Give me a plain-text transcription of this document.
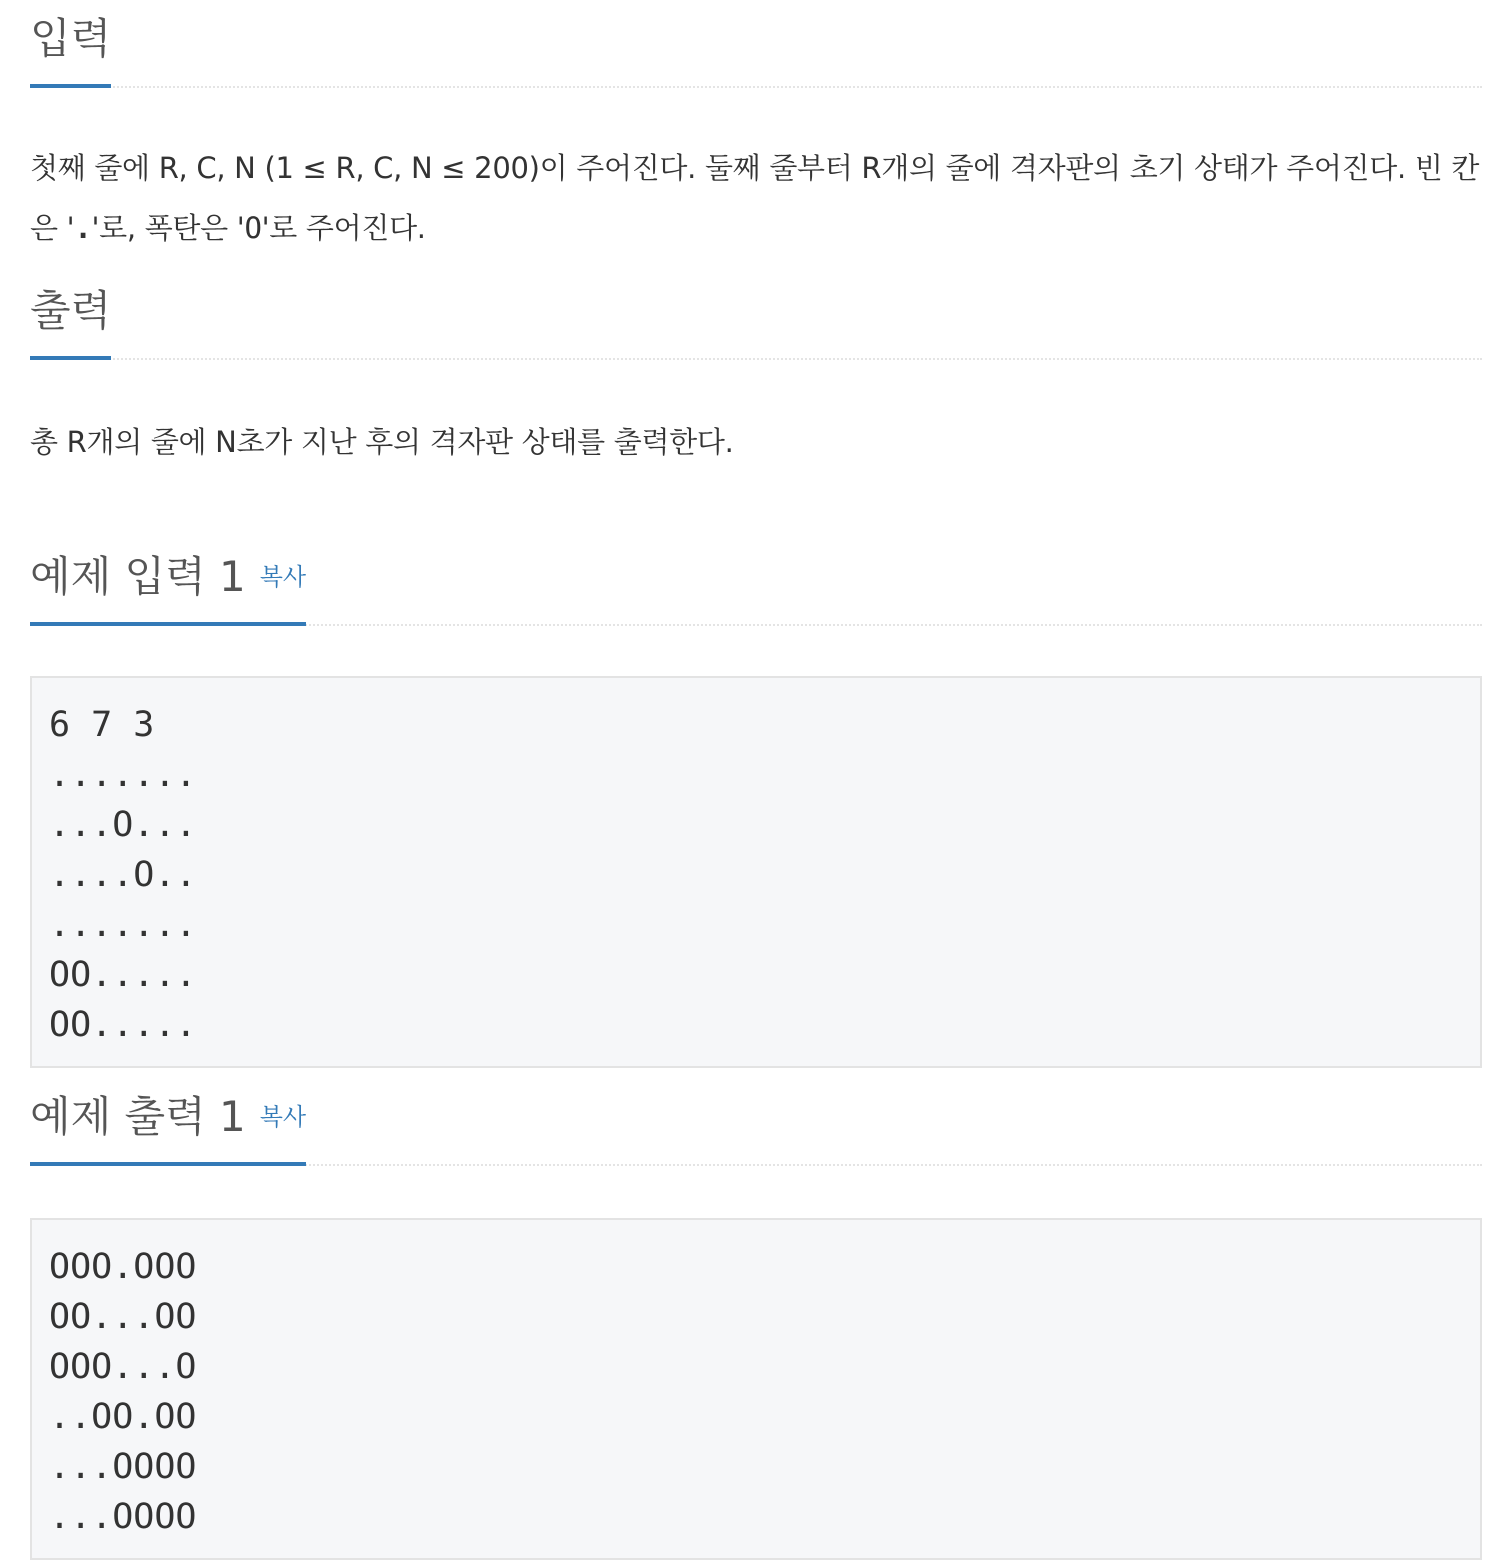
입력

첫째 줄에 R, C, N (1 ≤ R, C, N ≤ 200)이 주어진다. 둘째 줄부터 R개의 줄에 격자판의 초기 상태가 주어진다. 빈 칸은 '.'로, 폭탄은 'O'로 주어진다.

출력

총 R개의 줄에 N초가 지난 후의 격자판 상태를 출력한다.

예제 입력 1 복사
6 7 3
.......
...O...
....O..
.......
OO.....
OO.....
예제 출력 1 복사
OOO.OOO
OO...OO
OOO...O
..OO.OO
...OOOO
...OOOO
